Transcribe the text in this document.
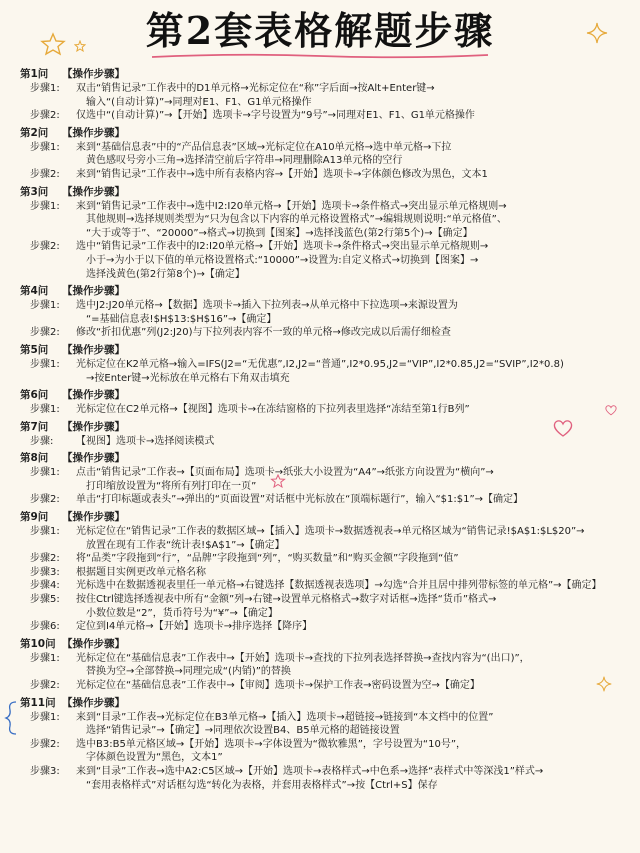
第2套表格解题步骤
第1问 【操作步骤】
步骤1: 双击“销售记录”工作表中的D1单元格→光标定位在“称”字后面→按Alt+Enter键→
输入“(自动计算)”→同理对E1、F1、G1单元格操作
步骤2: 仅选中“(自动计算)”→【开始】选项卡→字号设置为“9号”→同理对E1、F1、G1单元格操作
第2问 【操作步骤】
步骤1: 来到“基础信息表”中的“产品信息表”区域→光标定位在A10单元格→选中单元格→下拉
黄色感叹号旁小三角→选择清空前后字符串→同理删除A13单元格的空行
步骤2: 来到“销售记录”工作表中→选中所有表格内容→【开始】选项卡→字体颜色修改为黑色，文本1
第3问 【操作步骤】
步骤1: 来到“销售记录”工作表中→选中I2:I20单元格→【开始】选项卡→条件格式→突出显示单元格规则→
其他规则→选择规则类型为“只为包含以下内容的单元格设置格式”→编辑规则说明:“单元格值”、
“大于或等于”、“20000”→格式→切换到【图案】→选择浅蓝色(第2行第5个)→【确定】
步骤2: 选中“销售记录”工作表中的I2:I20单元格→【开始】选项卡→条件格式→突出显示单元格规则→
小于→为小于以下值的单元格设置格式:“10000”→设置为:自定义格式→切换到【图案】→
选择浅黄色(第2行第8个)→【确定】
第4问 【操作步骤】
步骤1: 选中J2:J20单元格→【数据】选项卡→插入下拉列表→从单元格中下拉选项→来源设置为
“=基础信息表!$H$13:$H$16”→【确定】
步骤2: 修改“折扣优惠”列(J2:J20)与下拉列表内容不一致的单元格→修改完成以后需仔细检查
第5问 【操作步骤】
步骤1: 光标定位在K2单元格→输入=IFS(J2=“无优惠”,I2,J2=“普通”,I2*0.95,J2=“VIP”,I2*0.85,J2=“SVIP”,I2*0.8)
→按Enter键→光标放在单元格右下角双击填充
第6问 【操作步骤】
步骤1: 光标定位在C2单元格→【视图】选项卡→在冻结窗格的下拉列表里选择“冻结至第1行B列”
第7问 【操作步骤】
步骤: 【视图】选项卡→选择阅读模式
第8问 【操作步骤】
步骤1: 点击“销售记录”工作表→【页面布局】选项卡→纸张大小设置为“A4”→纸张方向设置为“横向”→
打印缩放设置为“将所有列打印在一页”
步骤2: 单击“打印标题或表头”→弹出的“页面设置”对话框中光标放在“顶端标题行”，输入“$1:$1”→【确定】
第9问 【操作步骤】
步骤1: 光标定位在“销售记录”工作表的数据区域→【插入】选项卡→数据透视表→单元格区域为“销售记录!$A$1:$L$20”→
放置在现有工作表“统计表!$A$1”→【确定】
步骤2: 将“品类”字段拖到“行”，“品牌”字段拖到“列”，“购买数量”和“购买金额”字段拖到“值”
步骤3: 根据题目实例更改单元格名称
步骤4: 光标选中在数据透视表里任一单元格→右键选择【数据透视表选项】→勾选“合并且居中排列带标签的单元格”→【确定】
步骤5: 按住Ctrl键选择透视表中所有“金额”列→右键→设置单元格格式→数字对话框→选择“货币”格式→
小数位数是“2”，货币符号为“¥”→【确定】
步骤6: 定位到I4单元格→【开始】选项卡→排序选择【降序】
第10问 【操作步骤】
步骤1: 光标定位在“基础信息表”工作表中→【开始】选项卡→查找的下拉列表选择替换→查找内容为“(出口)”，
替换为空→全部替换→同理完成“(内销)”的替换
步骤2: 光标定位在“基础信息表”工作表中→【审阅】选项卡→保护工作表→密码设置为空→【确定】
第11问 【操作步骤】
步骤1: 来到“目录”工作表→光标定位在B3单元格→【插入】选项卡→超链接→链接到“本文档中的位置”
选择“销售记录”→【确定】→同理依次设置B4、B5单元格的超链接设置
步骤2: 选中B3:B5单元格区域→【开始】选项卡→字体设置为“微软雅黑”，字号设置为“10号”，
字体颜色设置为“黑色，文本1”
步骤3: 来到“目录”工作表→选中A2:C5区域→【开始】选项卡→表格样式→中色系→选择“表样式中等深浅1”样式→
“套用表格样式”对话框勾选“转化为表格，并套用表格样式”→按【Ctrl+S】保存
